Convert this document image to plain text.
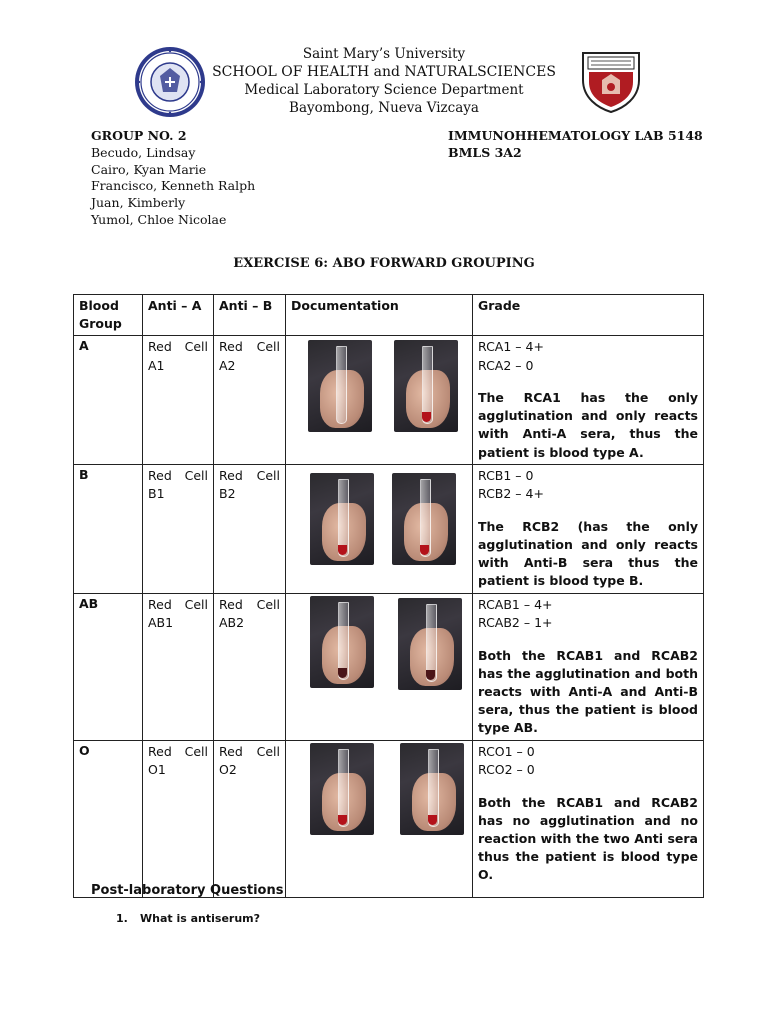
Saint Mary’s University
SCHOOL OF HEALTH and NATURALSCIENCES
Medical Laboratory Science Department
Bayombong, Nueva Vizcaya
GROUP NO. 2
Becudo, Lindsay
Cairo, Kyan Marie
Francisco, Kenneth Ralph
Juan, Kimberly
Yumol, Chloe Nicolae
IMMUNOHHEMATOLOGY LAB 5148
BMLS 3A2
EXERCISE 6: ABO FORWARD GROUPING
Blood Group	Anti – A	Anti – B	Documentation	Grade
A	Red Cell A1	Red Cell A2		RCA1 – 4+
RCA2 – 0
The RCA1 has the only agglutination and only reacts with Anti-A sera, thus the patient is blood type A.

B	Red Cell B1	Red Cell B2		RCB1 – 0
RCB2 – 4+
The RCB2 (has the only agglutination and only reacts with Anti-B sera thus the patient is blood type B.

AB	Red Cell AB1	Red Cell AB2		RCAB1 – 4+
RCAB2 – 1+
Both the RCAB1 and RCAB2 has the agglutination and both reacts with Anti-A and Anti-B sera, thus the patient is blood type AB.

O	Red Cell O1	Red Cell O2		RCO1 – 0
RCO2 – 0
Both the RCAB1 and RCAB2 has no agglutination and no reaction with the two Anti sera thus the patient is blood type O.
Post-laboratory Questions
1. What is antiserum?
